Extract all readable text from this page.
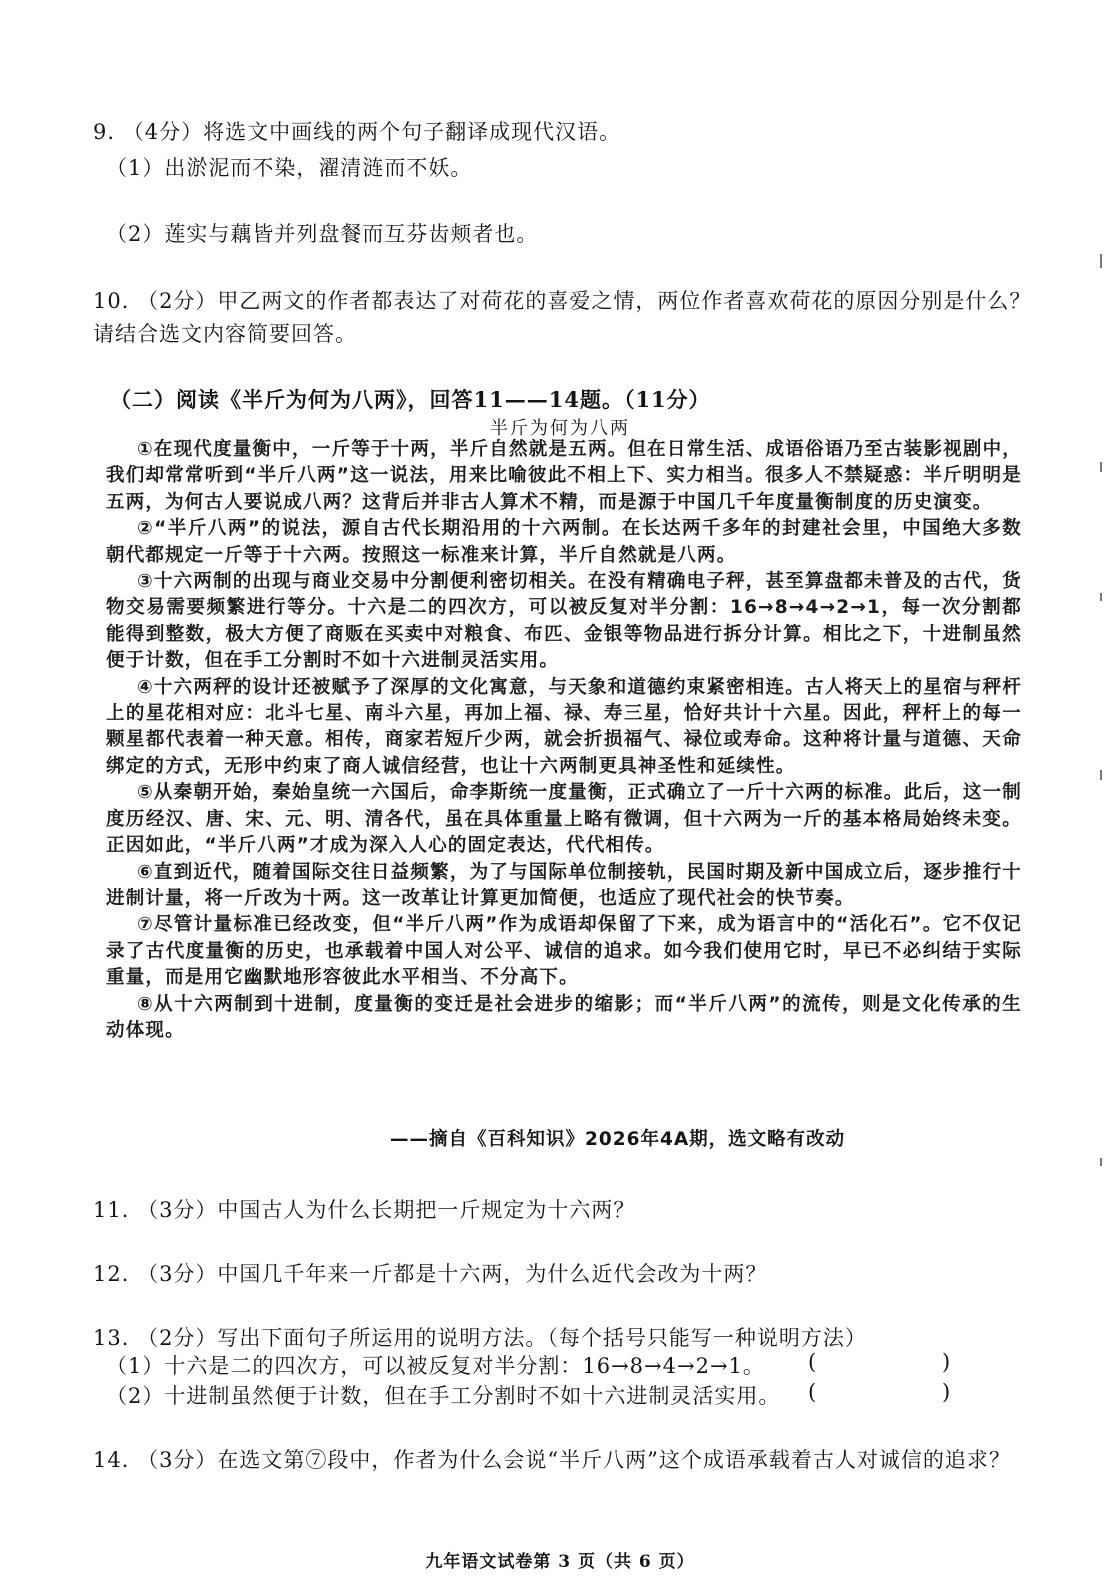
9. （4分）将选文中画线的两个句子翻译成现代汉语。
（1）出淤泥而不染，濯清涟而不妖。
（2）莲实与藕皆并列盘餐而互芬齿颊者也。
10. （2分）甲乙两文的作者都表达了对荷花的喜爱之情，两位作者喜欢荷花的原因分别是什么？
请结合选文内容简要回答。
（二）阅读《半斤为何为八两》，回答11——14题。（11分）
半斤为何为八两

①在现代度量衡中，一斤等于十两，半斤自然就是五两。但在日常生活、成语俗语乃至古装影视剧中，我们却常常听到“半斤八两”这一说法，用来比喻彼此不相上下、实力相当。很多人不禁疑惑：半斤明明是五两，为何古人要说成八两？这背后并非古人算术不精，而是源于中国几千年度量衡制度的历史演变。

②“半斤八两”的说法，源自古代长期沿用的十六两制。在长达两千多年的封建社会里，中国绝大多数朝代都规定一斤等于十六两。按照这一标准来计算，半斤自然就是八两。

③十六两制的出现与商业交易中分割便利密切相关。在没有精确电子秤，甚至算盘都未普及的古代，货物交易需要频繁进行等分。十六是二的四次方，可以被反复对半分割：16→8→4→2→1，每一次分割都能得到整数，极大方便了商贩在买卖中对粮食、布匹、金银等物品进行拆分计算。相比之下，十进制虽然便于计数，但在手工分割时不如十六进制灵活实用。

④十六两秤的设计还被赋予了深厚的文化寓意，与天象和道德约束紧密相连。古人将天上的星宿与秤杆上的星花相对应：北斗七星、南斗六星，再加上福、禄、寿三星，恰好共计十六星。因此，秤杆上的每一颗星都代表着一种天意。相传，商家若短斤少两，就会折损福气、禄位或寿命。这种将计量与道德、天命绑定的方式，无形中约束了商人诚信经营，也让十六两制更具神圣性和延续性。

⑤从秦朝开始，秦始皇统一六国后，命李斯统一度量衡，正式确立了一斤十六两的标准。此后，这一制度历经汉、唐、宋、元、明、清各代，虽在具体重量上略有微调，但十六两为一斤的基本格局始终未变。正因如此，“半斤八两”才成为深入人心的固定表达，代代相传。

⑥直到近代，随着国际交往日益频繁，为了与国际单位制接轨，民国时期及新中国成立后，逐步推行十进制计量，将一斤改为十两。这一改革让计算更加简便，也适应了现代社会的快节奏。

⑦尽管计量标准已经改变，但“半斤八两”作为成语却保留了下来，成为语言中的“活化石”。它不仅记录了古代度量衡的历史，也承载着中国人对公平、诚信的追求。如今我们使用它时，早已不必纠结于实际重量，而是用它幽默地形容彼此水平相当、不分高下。

⑧从十六两制到十进制，度量衡的变迁是社会进步的缩影；而“半斤八两”的流传，则是文化传承的生动体现。

——摘自《百科知识》2026年4A期，选文略有改动
11. （3分）中国古人为什么长期把一斤规定为十六两？
12. （3分）中国几千年来一斤都是十六两，为什么近代会改为十两？
13. （2分）写出下面句子所运用的说明方法。（每个括号只能写一种说明方法）
（1）十六是二的四次方，可以被反复对半分割：16→8→4→2→1。 (	)
（2）十进制虽然便于计数，但在手工分割时不如十六进制灵活实用。 (	)
14. （3分）在选文第⑦段中，作者为什么会说“半斤八两”这个成语承载着古人对诚信的追求？
九年语文试卷第 3 页（共 6 页）
